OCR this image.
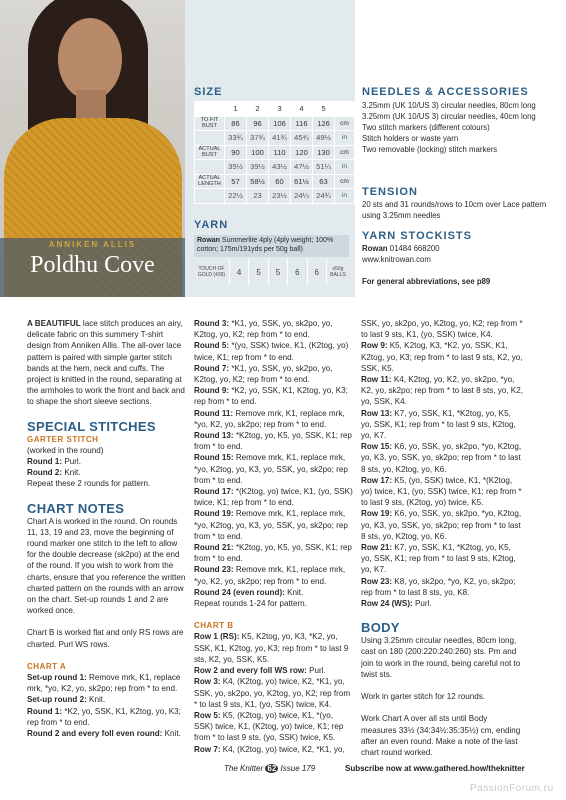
ANNIKEN ALLIS
Poldhu Cove
SIZE
	1	2	3	4	5	
TO FIT BUST	86	96	106	116	126	cm
	33¾	37¾	41¾	45¾	49½	in
ACTUAL BUST	90	100	110	120	130	cm
	35½	39½	43½	47½	51¼	in
ACTUAL LENGTH	57	58½	60	61½	63	cm
	22½	23	23½	24¼	24¾	in
YARN
Rowan Summerlite 4ply (4ply weight; 100% cotton; 175m/191yds per 50g ball)
TOUCH OF GOLD (439)	4	5	5	6	6	x50g BALLS
NEEDLES & ACCESSORIES
3.25mm (UK 10/US 3) circular needles, 80cm long
3.25mm (UK 10/US 3) circular needles, 40cm long
Two stitch markers (different colours)
Stitch holders or waste yarn
Two removable (locking) stitch markers
TENSION
20 sts and 31 rounds/rows to 10cm over Lace pattern using 3.25mm needles
YARN STOCKISTS
Rowan 01484 668200
www.knitrowan.com
For general abbreviations, see p89

A BEAUTIFUL lace stitch produces an airy, delicate fabric on this summery T-shirt design from Anniken Allis. The all-over lace pattern is paired with simple garter stitch bands at the hem, neck and cuffs. The project is knitted in the round, separating at the armholes to work the front and back and to shape the short sleeve sections.

SPECIAL STITCHES
GARTER STITCH
(worked in the round)
Round 1: Purl.
Round 2: Knit.

Repeat these 2 rounds for pattern.

CHART NOTES

Chart A is worked in the round. On rounds 11, 13, 19 and 23, move the beginning of round marker one stitch to the left to allow for the double decrease (sk2po) at the end of the round. If you wish to work from the charts, ensure that you reference the written charted pattern on the rounds with an arrow on the chart. Set-up rounds 1 and 2 are worked once.

Chart B is worked flat and only RS rows are charted. Purl WS rows.

CHART A
Set-up round 1: Remove mrk, K1, replace mrk, *yo, K2, yo, sk2po; rep from * to end.
Set-up round 2: Knit.
Round 1: *K2, yo, SSK, K1, K2tog, yo, K3; rep from * to end.
Round 2 and every foll even round: Knit.
Round 3: *K1, yo, SSK, yo, sk2po, yo, K2tog, yo, K2; rep from * to end.
Round 5: *(yo, SSK) twice, K1, (K2tog, yo) twice, K1; rep from * to end.
Round 7: *K1, yo, SSK, yo, sk2po, yo, K2tog, yo, K2; rep from * to end.
Round 9: *K2, yo, SSK, K1, K2tog, yo, K3; rep from * to end.
Round 11: Remove mrk, K1, replace mrk, *yo, K2, yo, sk2po; rep from * to end.
Round 13: *K2tog, yo, K5, yo, SSK, K1; rep from * to end.
Round 15: Remove mrk, K1, replace mrk, *yo, K2tog, yo, K3, yo, SSK, yo, sk2po; rep from * to end.
Round 17: *(K2tog, yo) twice, K1, (yo, SSK) twice, K1; rep from * to end.
Round 19: Remove mrk, K1, replace mrk, *yo, K2tog, yo, K3, yo, SSK, yo, sk2po; rep from * to end.
Round 21: *K2tog, yo, K5, yo, SSK, K1; rep from * to end.
Round 23: Remove mrk, K1, replace mrk, *yo, K2, yo, sk2po; rep from * to end.
Round 24 (even round): Knit.

Repeat rounds 1-24 for pattern.

CHART B
Row 1 (RS): K5, K2tog, yo, K3, *K2, yo, SSK, K1, K2tog, yo, K3; rep from * to last 9 sts, K2, yo, SSK, K5.
Row 2 and every foll WS row: Purl.
Row 3: K4, (K2tog, yo) twice, K2, *K1, yo, SSK, yo, sk2po, yo, K2tog, yo, K2; rep from * to last 9 sts, K1, (yo, SSK) twice, K4.
Row 5: K5, (K2tog, yo) twice, K1, *(yo, SSK) twice, K1, (K2tog, yo) twice, K1; rep from * to last 9 sts, (yo, SSK) twice, K5.
Row 7: K4, (K2tog, yo) twice, K2, *K1, yo,
SSK, yo, sk2po, yo, K2tog, yo, K2; rep from * to last 9 sts, K1, (yo, SSK) twice, K4.
Row 9: K5, K2tog, K3, *K2, yo, SSK, K1, K2tog, yo, K3; rep from * to last 9 sts, K2, yo, SSK, K5.
Row 11: K4, K2tog, yo, K2, yo, sk2po, *yo, K2, yo, sk2po; rep from * to last 8 sts, yo, K2, yo, SSK, K4.
Row 13: K7, yo, SSK, K1, *K2tog, yo, K5, yo, SSK, K1; rep from * to last 9 sts, K2tog, yo, K7.
Row 15: K6, yo, SSK, yo, sk2po, *yo, K2tog, yo, K3, yo, SSK, yo, sk2po; rep from * to last 8 sts, yo, K2tog, yo, K6.
Row 17: K5, (yo, SSK) twice, K1, *(K2tog, yo) twice, K1, (yo, SSK) twice, K1; rep from * to last 9 sts, (K2tog, yo) twice, K5.
Row 19: K6, yo, SSK, yo, sk2po, *yo, K2tog, yo, K3, yo, SSK, yo, sk2po; rep from * to last 8 sts, yo, K2tog, yo, K6.
Row 21: K7, yo, SSK, K1, *K2tog, yo, K5, yo, SSK, K1; rep from * to last 9 sts, K2tog, yo, K7.
Row 23: K8, yo, sk2po, *yo, K2, yo, sk2po; rep from * to last 8 sts, yo, K8.

Row 24 (WS): Purl.

BODY

Using 3.25mm circular needles, 80cm long, cast on 180 (200:220:240:260) sts. Pm and join to work in the round, being careful not to twist sts.

Work in garter stitch for 12 rounds.

Work Chart A over all sts until Body measures 33½ (34:34½:35:35½) cm, ending after an even round. Make a note of the last chart round worked.

The Knitter 62 Issue 179	Subscribe now at www.gathered.how/theknitter
PassionForum.ru
